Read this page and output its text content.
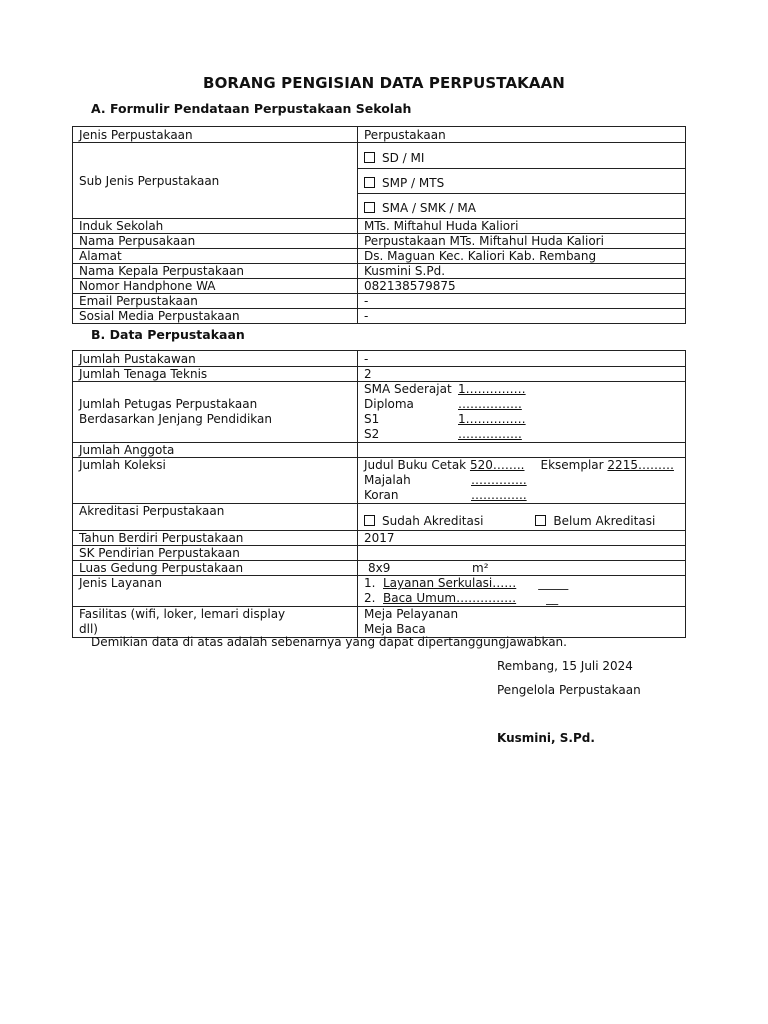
BORANG PENGISIAN DATA PERPUSTAKAAN
A. Formulir Pendataan Perpustakaan Sekolah
Jenis Perpustakaan	Perpustakaan
Sub Jenis Perpustakaan	SD / MI
SMP / MTS
SMA / SMK / MA

Induk Sekolah	MTs. Miftahul Huda Kaliori
Nama Perpusakaan	Perpustakaan MTs. Miftahul Huda Kaliori
Alamat	Ds. Maguan Kec. Kaliori Kab. Rembang
Nama Kepala Perpustakaan	Kusmini S.Pd.
Nomor Handphone WA	082138579875
Email Perpustakaan	-
Sosial Media Perpustakaan	-
B. Data Perpustakaan
Jumlah Pustakawan	-
Jumlah Tenaga Teknis	2

Jumlah Petugas Perpustakaan
Berdasarkan Jenjang Pendidikan	SMA Sederajat 1……………
Diploma …………….
S1 1……………
S2 …………….

Jumlah Anggota	
Jumlah Koleksi	Judul Buku Cetak 520…….. Eksemplar 2215………
Majalah …………..
Koran …………..

Akreditasi Perpustakaan	Sudah Akreditasi Belum Akreditasi
Tahun Berdiri Perpustakaan	2017
SK Pendirian Perpustakaan	
Luas Gedung Perpustakaan	8x9 m²
Jenis Layanan	1. Layanan Serkulasi…… _____
2. Baca Umum…………… __

Fasilitas (wifi, loker, lemari display
dll)	Meja Pelayanan
Meja Baca
Demikian data di atas adalah sebenarnya yang dapat dipertanggungjawabkan.
Rembang, 15 Juli 2024
Pengelola Perpustakaan
Kusmini, S.Pd.
